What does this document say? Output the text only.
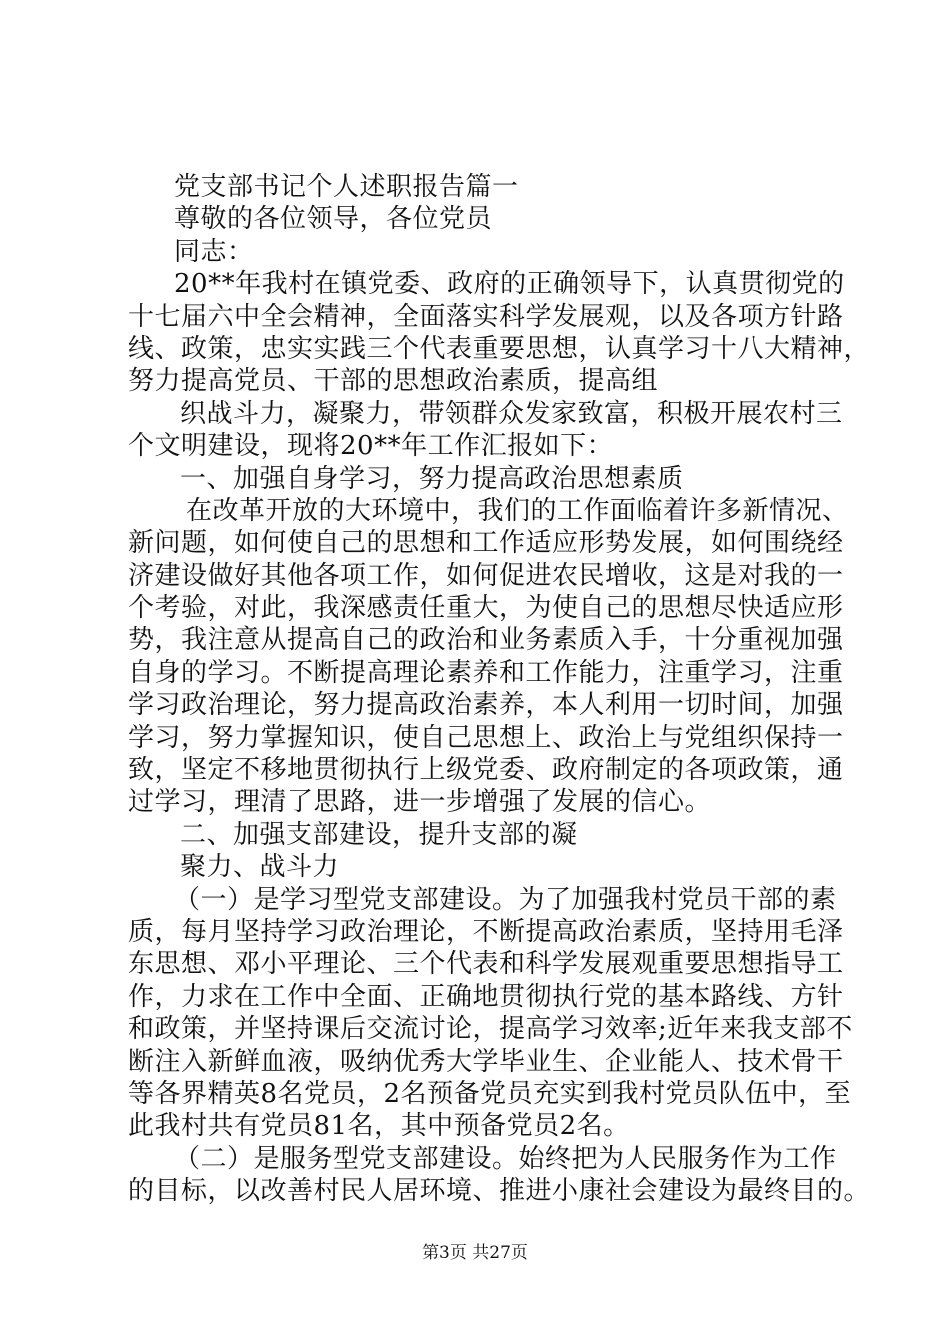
党支部书记个人述职报告篇一
尊敬的各位领导，各位党员
同志：
20**年我村在镇党委、政府的正确领导下，认真贯彻党的
十七届六中全会精神，全面落实科学发展观，以及各项方针路
线、政策，忠实实践三个代表重要思想，认真学习十八大精神，
努力提高党员、干部的思想政治素质，提高组
织战斗力，凝聚力，带领群众发家致富，积极开展农村三
个文明建设，现将20**年工作汇报如下：
一、加强自身学习，努力提高政治思想素质
在改革开放的大环境中，我们的工作面临着许多新情况、
新问题，如何使自己的思想和工作适应形势发展，如何围绕经
济建设做好其他各项工作，如何促进农民增收，这是对我的一
个考验，对此，我深感责任重大，为使自己的思想尽快适应形
势，我注意从提高自己的政治和业务素质入手，十分重视加强
自身的学习。不断提高理论素养和工作能力，注重学习，注重
学习政治理论，努力提高政治素养，本人利用一切时间，加强
学习，努力掌握知识，使自己思想上、政治上与党组织保持一
致，坚定不移地贯彻执行上级党委、政府制定的各项政策，通
过学习，理清了思路，进一步增强了发展的信心。
二、加强支部建设，提升支部的凝
聚力、战斗力
（一）是学习型党支部建设。为了加强我村党员干部的素
质，每月坚持学习政治理论，不断提高政治素质，坚持用毛泽
东思想、邓小平理论、三个代表和科学发展观重要思想指导工
作，力求在工作中全面、正确地贯彻执行党的基本路线、方针
和政策，并坚持课后交流讨论，提高学习效率;近年来我支部不
断注入新鲜血液，吸纳优秀大学毕业生、企业能人、技术骨干
等各界精英8名党员，2名预备党员充实到我村党员队伍中，至
此我村共有党员81名，其中预备党员2名。
（二）是服务型党支部建设。始终把为人民服务作为工作
的目标，以改善村民人居环境、推进小康社会建设为最终目的。
第3页 共27页
